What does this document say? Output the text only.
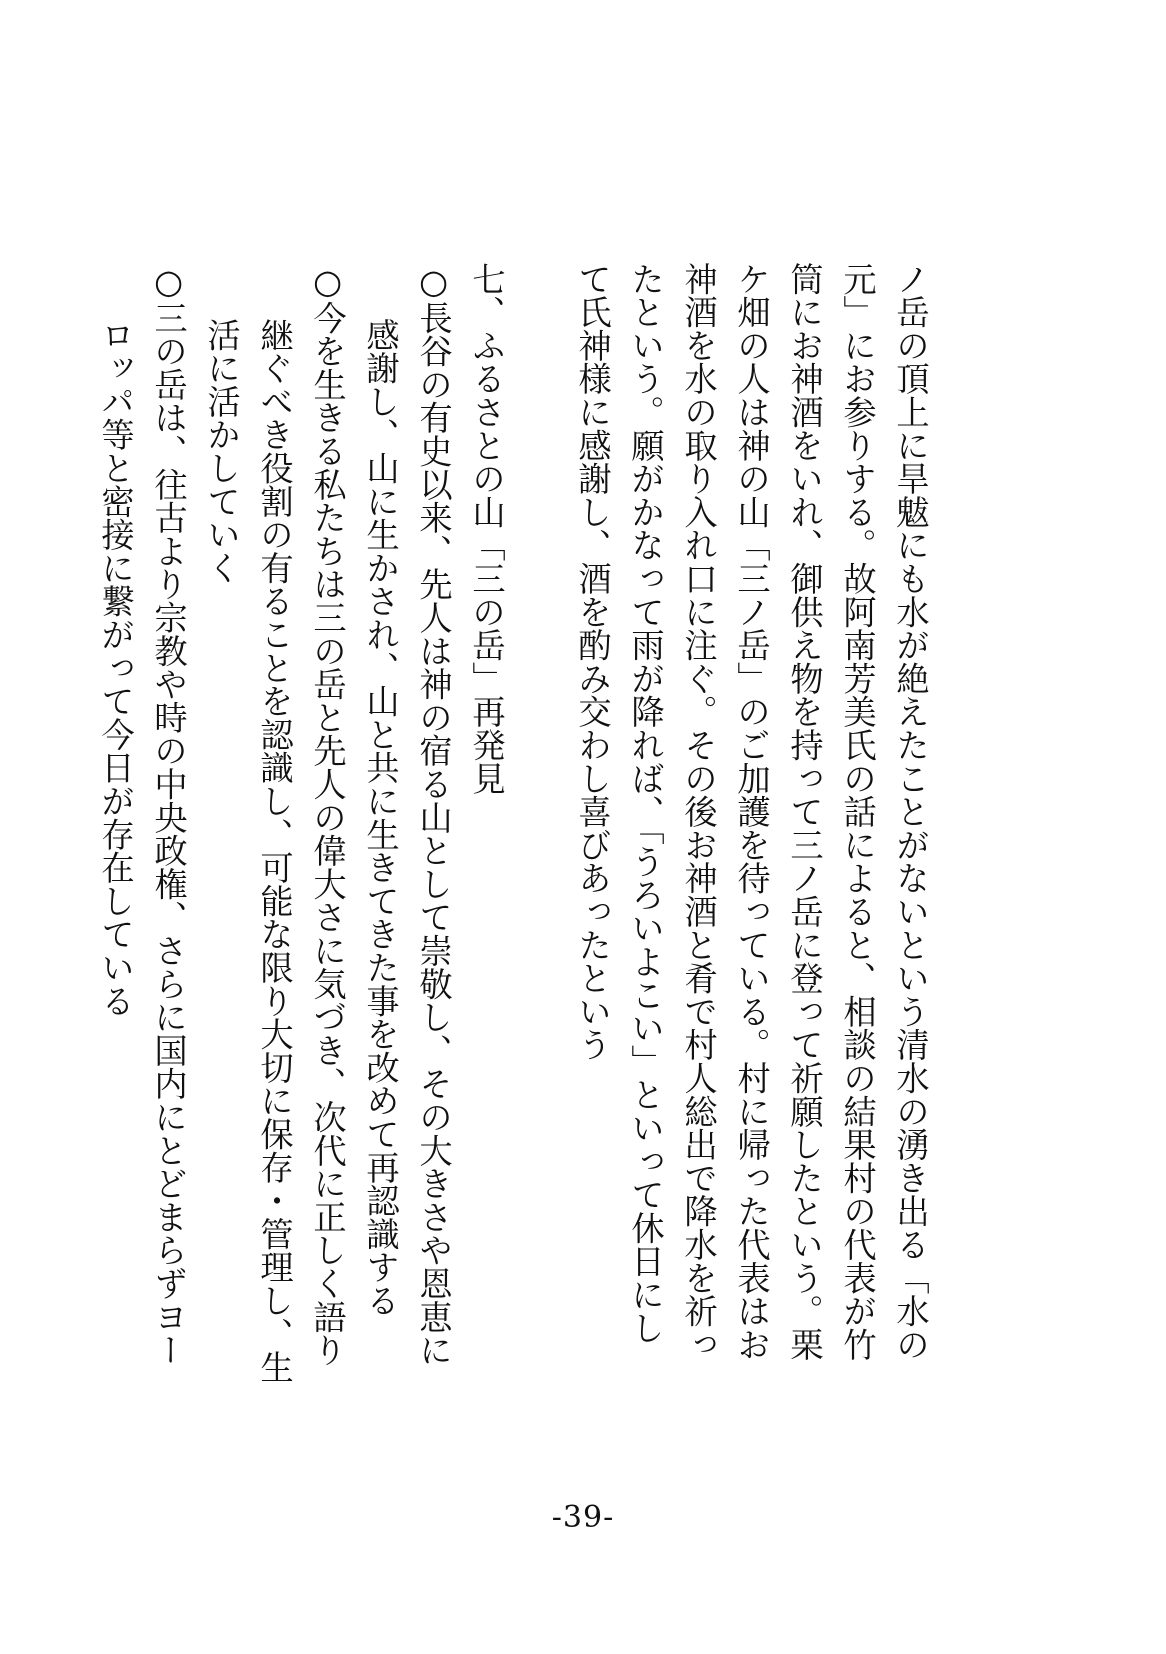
ノ岳の頂上に旱魃にも水が絶えたことがないという清水の湧き出る「水の
元」にお参りする。故阿南芳美氏の話によると、相談の結果村の代表が竹
筒にお神酒をいれ、御供え物を持って三ノ岳に登って祈願したという。栗
ケ畑の人は神の山「三ノ岳」のご加護を待っている。村に帰った代表はお
神酒を水の取り入れ口に注ぐ。その後お神酒と肴で村人総出で降水を祈っ
たという。願がかなって雨が降れば、「うろいよこい」といって休日にし
て氏神様に感謝し、酒を酌み交わし喜びあったという
七、ふるさとの山「三の岳」再発見
○長谷の有史以来、先人は神の宿る山として崇敬し、その大きさや恩恵に
感謝し、山に生かされ、山と共に生きてきた事を改めて再認識する
○今を生きる私たちは三の岳と先人の偉大さに気づき、次代に正しく語り
継ぐべき役割の有ることを認識し、可能な限り大切に保存・管理し、生
活に活かしていく
○三の岳は、往古より宗教や時の中央政権、さらに国内にとどまらずヨー
ロッパ等と密接に繋がって今日が存在している
-39-
